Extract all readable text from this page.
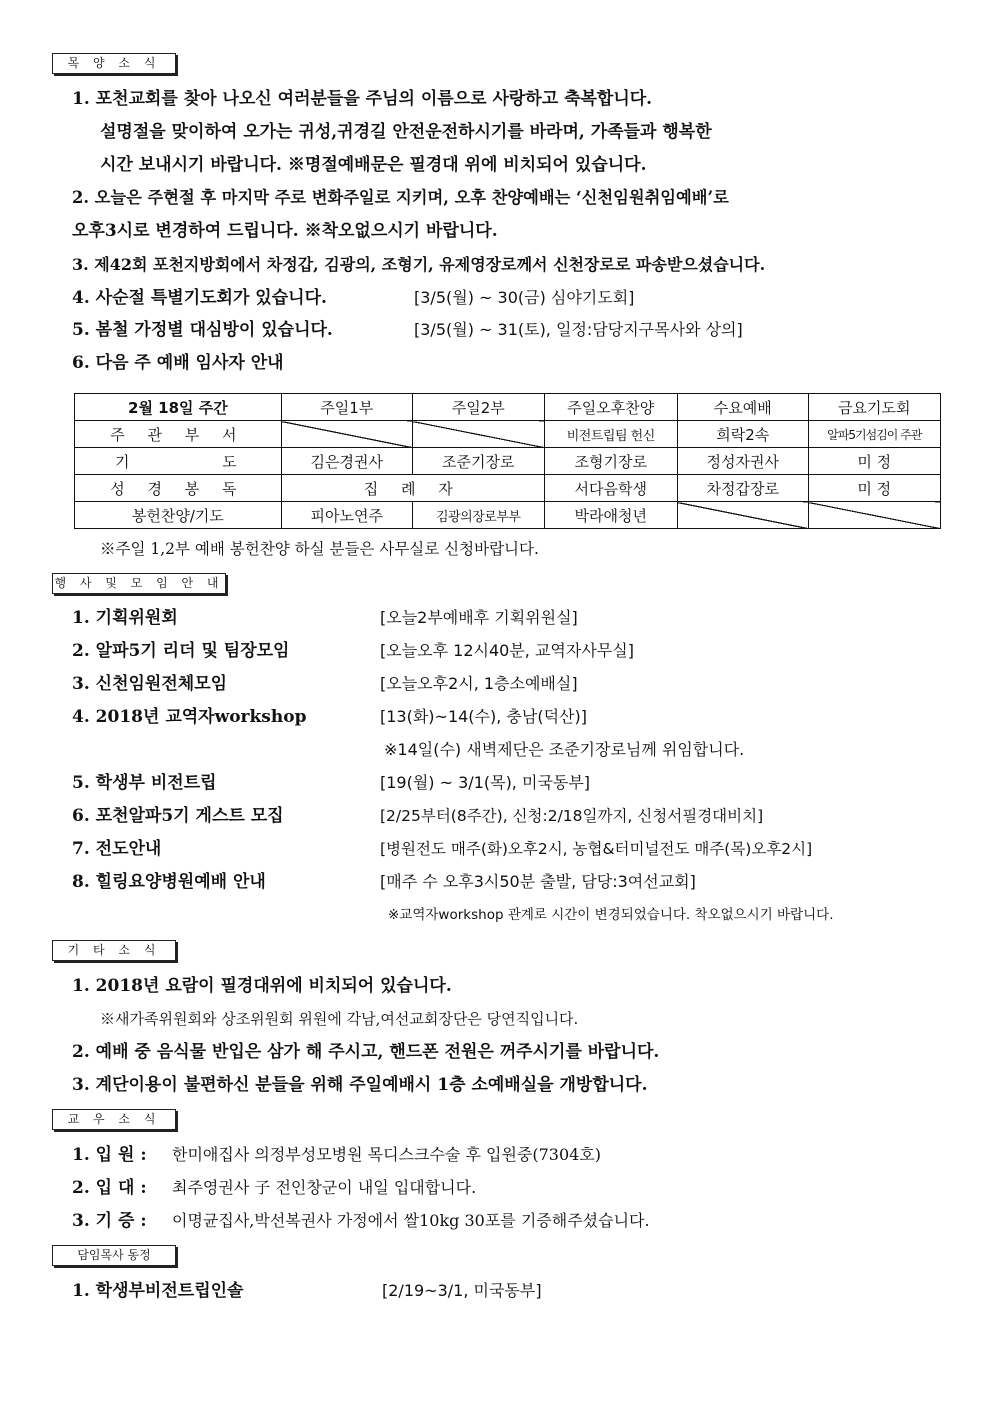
목 양 소 식
1. 포천교회를 찾아 나오신 여러분들을 주님의 이름으로 사랑하고 축복합니다.
설명절을 맞이하여 오가는 귀성,귀경길 안전운전하시기를 바라며, 가족들과 행복한
시간 보내시기 바랍니다. ※명절예배문은 필경대 위에 비치되어 있습니다.
2. 오늘은 주현절 후 마지막 주로 변화주일로 지키며, 오후 찬양예배는 ‘신천임원취임예배’로
오후3시로 변경하여 드립니다. ※착오없으시기 바랍니다.
3. 제42회 포천지방회에서 차정갑, 김광의, 조형기, 유제영장로께서 신천장로로 파송받으셨습니다.
4. 사순절 특별기도회가 있습니다.	[3/5(월) ~ 30(금) 심야기도회]
5. 봄철 가정별 대심방이 있습니다.	[3/5(월) ~ 31(토), 일정:담당지구목사와 상의]
6. 다음 주 예배 임사자 안내
2월 18일 주간	주일1부	주일2부	주일오후찬양	수요예배	금요기도회
주 관 부 서			비전트립팀 헌신	희락2속	알파5기섬김이 주관
기 도	김은경권사	조준기장로	조형기장로	정성자권사	미 정
성 경 봉 독	집 례 자		서다음학생	차정갑장로	미 정
봉헌찬양/기도	피아노연주	김광의장로부부	박라애청년		
※주일 1,2부 예배 봉헌찬양 하실 분들은 사무실로 신청바랍니다.
행 사 및 모 임 안 내
1. 기획위원회	[오늘2부예배후 기획위원실]
2. 알파5기 리더 및 팀장모임	[오늘오후 12시40분, 교역자사무실]
3. 신천임원전체모임	[오늘오후2시, 1층소예배실]
4. 2018년 교역자workshop	[13(화)~14(수), 충남(덕산)]
※14일(수) 새벽제단은 조준기장로님께 위임합니다.
5. 학생부 비전트립	[19(월) ~ 3/1(목), 미국동부]
6. 포천알파5기 게스트 모집	[2/25부터(8주간), 신청:2/18일까지, 신청서필경대비치]
7. 전도안내	[병원전도 매주(화)오후2시, 농협&터미널전도 매주(목)오후2시]
8. 힐링요양병원예배 안내	[매주 수 오후3시50분 출발, 담당:3여선교회]
※교역자workshop 관계로 시간이 변경되었습니다. 착오없으시기 바랍니다.
기 타 소 식
1. 2018년 요람이 필경대위에 비치되어 있습니다.
※새가족위원회와 상조위원회 위원에 각남,여선교회장단은 당연직입니다.
2. 예배 중 음식물 반입은 삼가 해 주시고, 핸드폰 전원은 꺼주시기를 바랍니다.
3. 계단이용이 불편하신 분들을 위해 주일예배시 1층 소예배실을 개방합니다.
교 우 소 식
1. 입 원 : 한미애집사 의정부성모병원 목디스크수술 후 입원중(7304호)
2. 입 대 : 최주영권사 子 전인창군이 내일 입대합니다.
3. 기 증 : 이명균집사,박선복권사 가정에서 쌀10kg 30포를 기증해주셨습니다.
담임목사 동정
1. 학생부비전트립인솔	[2/19~3/1, 미국동부]
